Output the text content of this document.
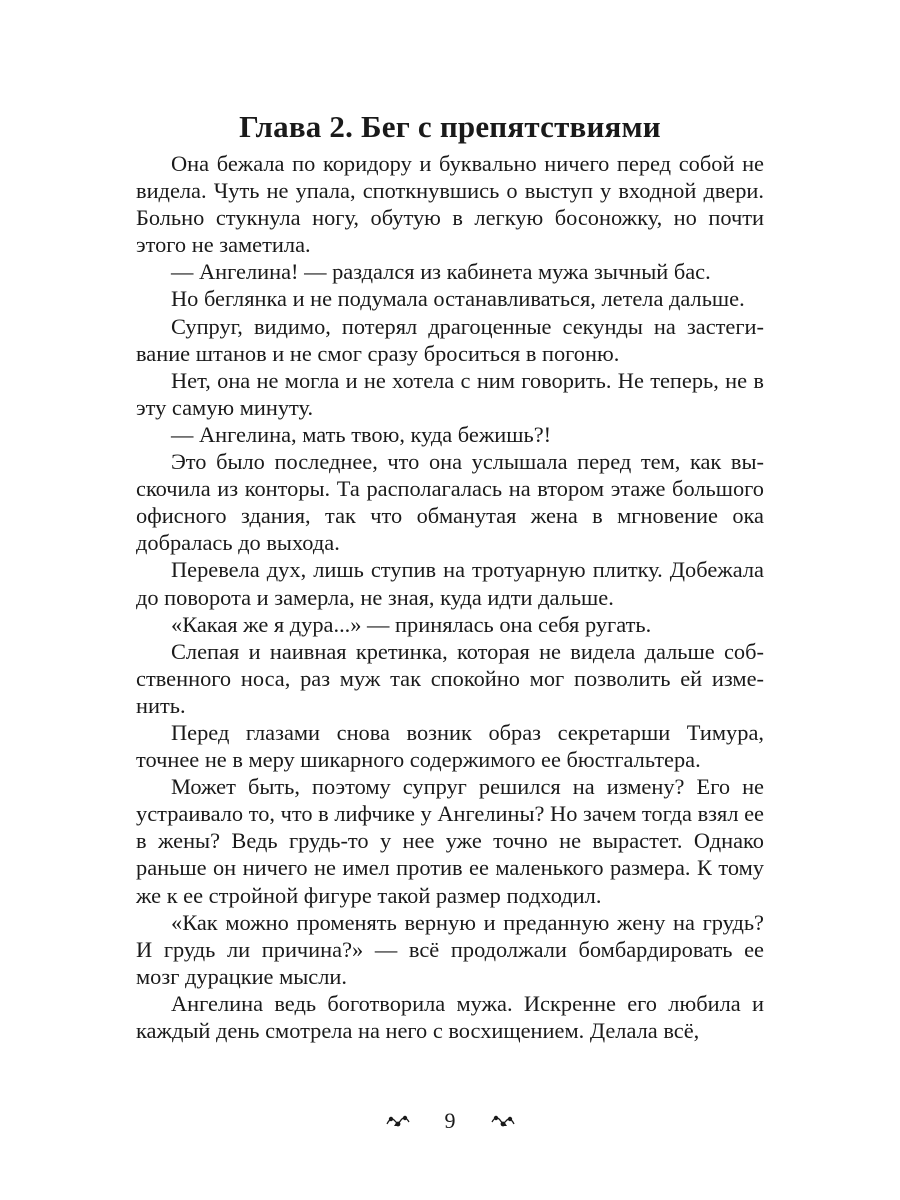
Глава 2. Бег с препятствиями

Она бежала по коридору и буквально ничего перед собой не видела. Чуть не упала, споткнувшись о выступ у входной двери. Больно стукнула ногу, обутую в легкую босоножку, но почти этого не заметила.

— Ангелина! — раздался из кабинета мужа зычный бас.

Но беглянка и не подумала останавливаться, летела дальше.

Супруг, видимо, потерял драгоценные секунды на застегивание штанов и не смог сразу броситься в погоню.

Нет, она не могла и не хотела с ним говорить. Не теперь, не в эту самую минуту.

— Ангелина, мать твою, куда бежишь?!

Это было последнее, что она услышала перед тем, как выскочила из конторы. Та располагалась на втором этаже большого офисного здания, так что обманутая жена в мгновение ока добралась до выхода.

Перевела дух, лишь ступив на тротуарную плитку. Добежала до поворота и замерла, не зная, куда идти дальше.

«Какая же я дура...» — принялась она себя ругать.

Слепая и наивная кретинка, которая не видела дальше собственного носа, раз муж так спокойно мог позволить ей изменить.

Перед глазами снова возник образ секретарши Тимура, точнее не в меру шикарного содержимого ее бюстгальтера.

Может быть, поэтому супруг решился на измену? Его не устраивало то, что в лифчике у Ангелины? Но зачем тогда взял ее в жены? Ведь грудь-то у нее уже точно не вырастет. Однако раньше он ничего не имел против ее маленького размера. К тому же к ее стройной фигуре такой размер подходил.

«Как можно променять верную и преданную жену на грудь? И грудь ли причина?» — всё продолжали бомбардировать ее мозг дурацкие мысли.

Ангелина ведь боготворила мужа. Искренне его любила и каждый день смотрела на него с восхищением. Делала всё,

9
